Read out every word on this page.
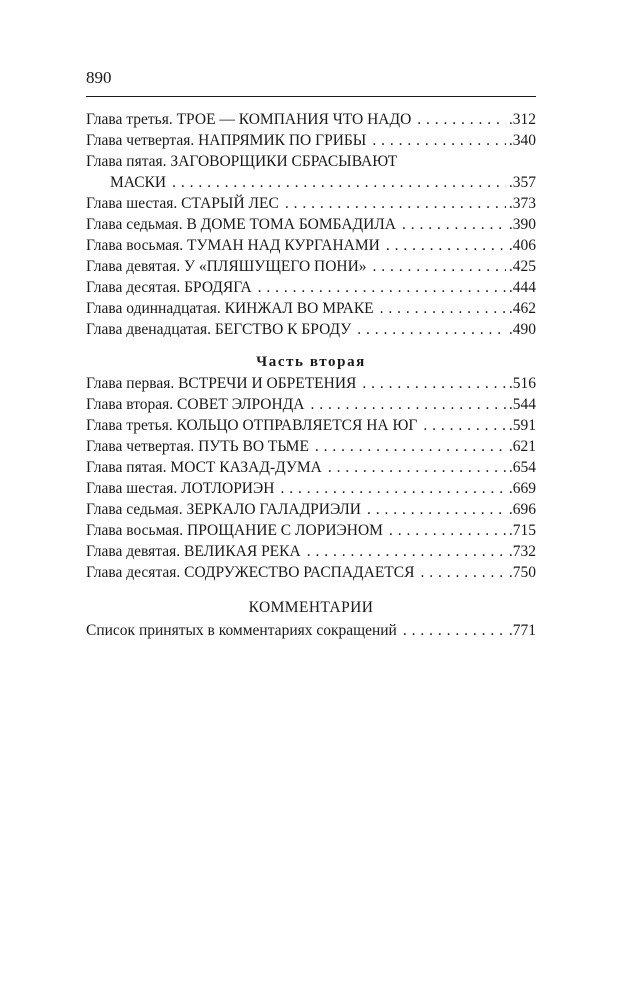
890
Глава третья. ТРОЕ — КОМПАНИЯ ЧТО НАДО . . .	.312
Глава четвертая. НАПРЯМИК ПО ГРИБЫ . . .	.340
Глава пятая. ЗАГОВОРЩИКИ СБРАСЫВАЮТ
МАСКИ . . .	.357
Глава шестая. СТАРЫЙ ЛЕС . . .	.373
Глава седьмая. В ДОМЕ ТОМА БОМБАДИЛА . . .	.390
Глава восьмая. ТУМАН НАД КУРГАНАМИ . . .	.406
Глава девятая. У «ПЛЯШУЩЕГО ПОНИ» . . .	.425
Глава десятая. БРОДЯГА . . .	.444
Глава одиннадцатая. КИНЖАЛ ВО МРАКЕ . . .	.462
Глава двенадцатая. БЕГСТВО К БРОДУ . . .	.490
Часть вторая
Глава первая. ВСТРЕЧИ И ОБРЕТЕНИЯ . . .	.516
Глава вторая. СОВЕТ ЭЛРОНДА . . .	.544
Глава третья. КОЛЬЦО ОТПРАВЛЯЕТСЯ НА ЮГ . . .	.591
Глава четвертая. ПУТЬ ВО ТЬМЕ . . .	.621
Глава пятая. МОСТ КАЗАД-ДУМА . . .	.654
Глава шестая. ЛОТЛОРИЭН . . .	.669
Глава седьмая. ЗЕРКАЛО ГАЛАДРИЭЛИ . . .	.696
Глава восьмая. ПРОЩАНИЕ С ЛОРИЭНОМ . . .	.715
Глава девятая. ВЕЛИКАЯ РЕКА . . .	.732
Глава десятая. СОДРУЖЕСТВО РАСПАДАЕТСЯ . . .	.750
КОММЕНТАРИИ
Список принятых в комментариях сокращений . . .	.771
